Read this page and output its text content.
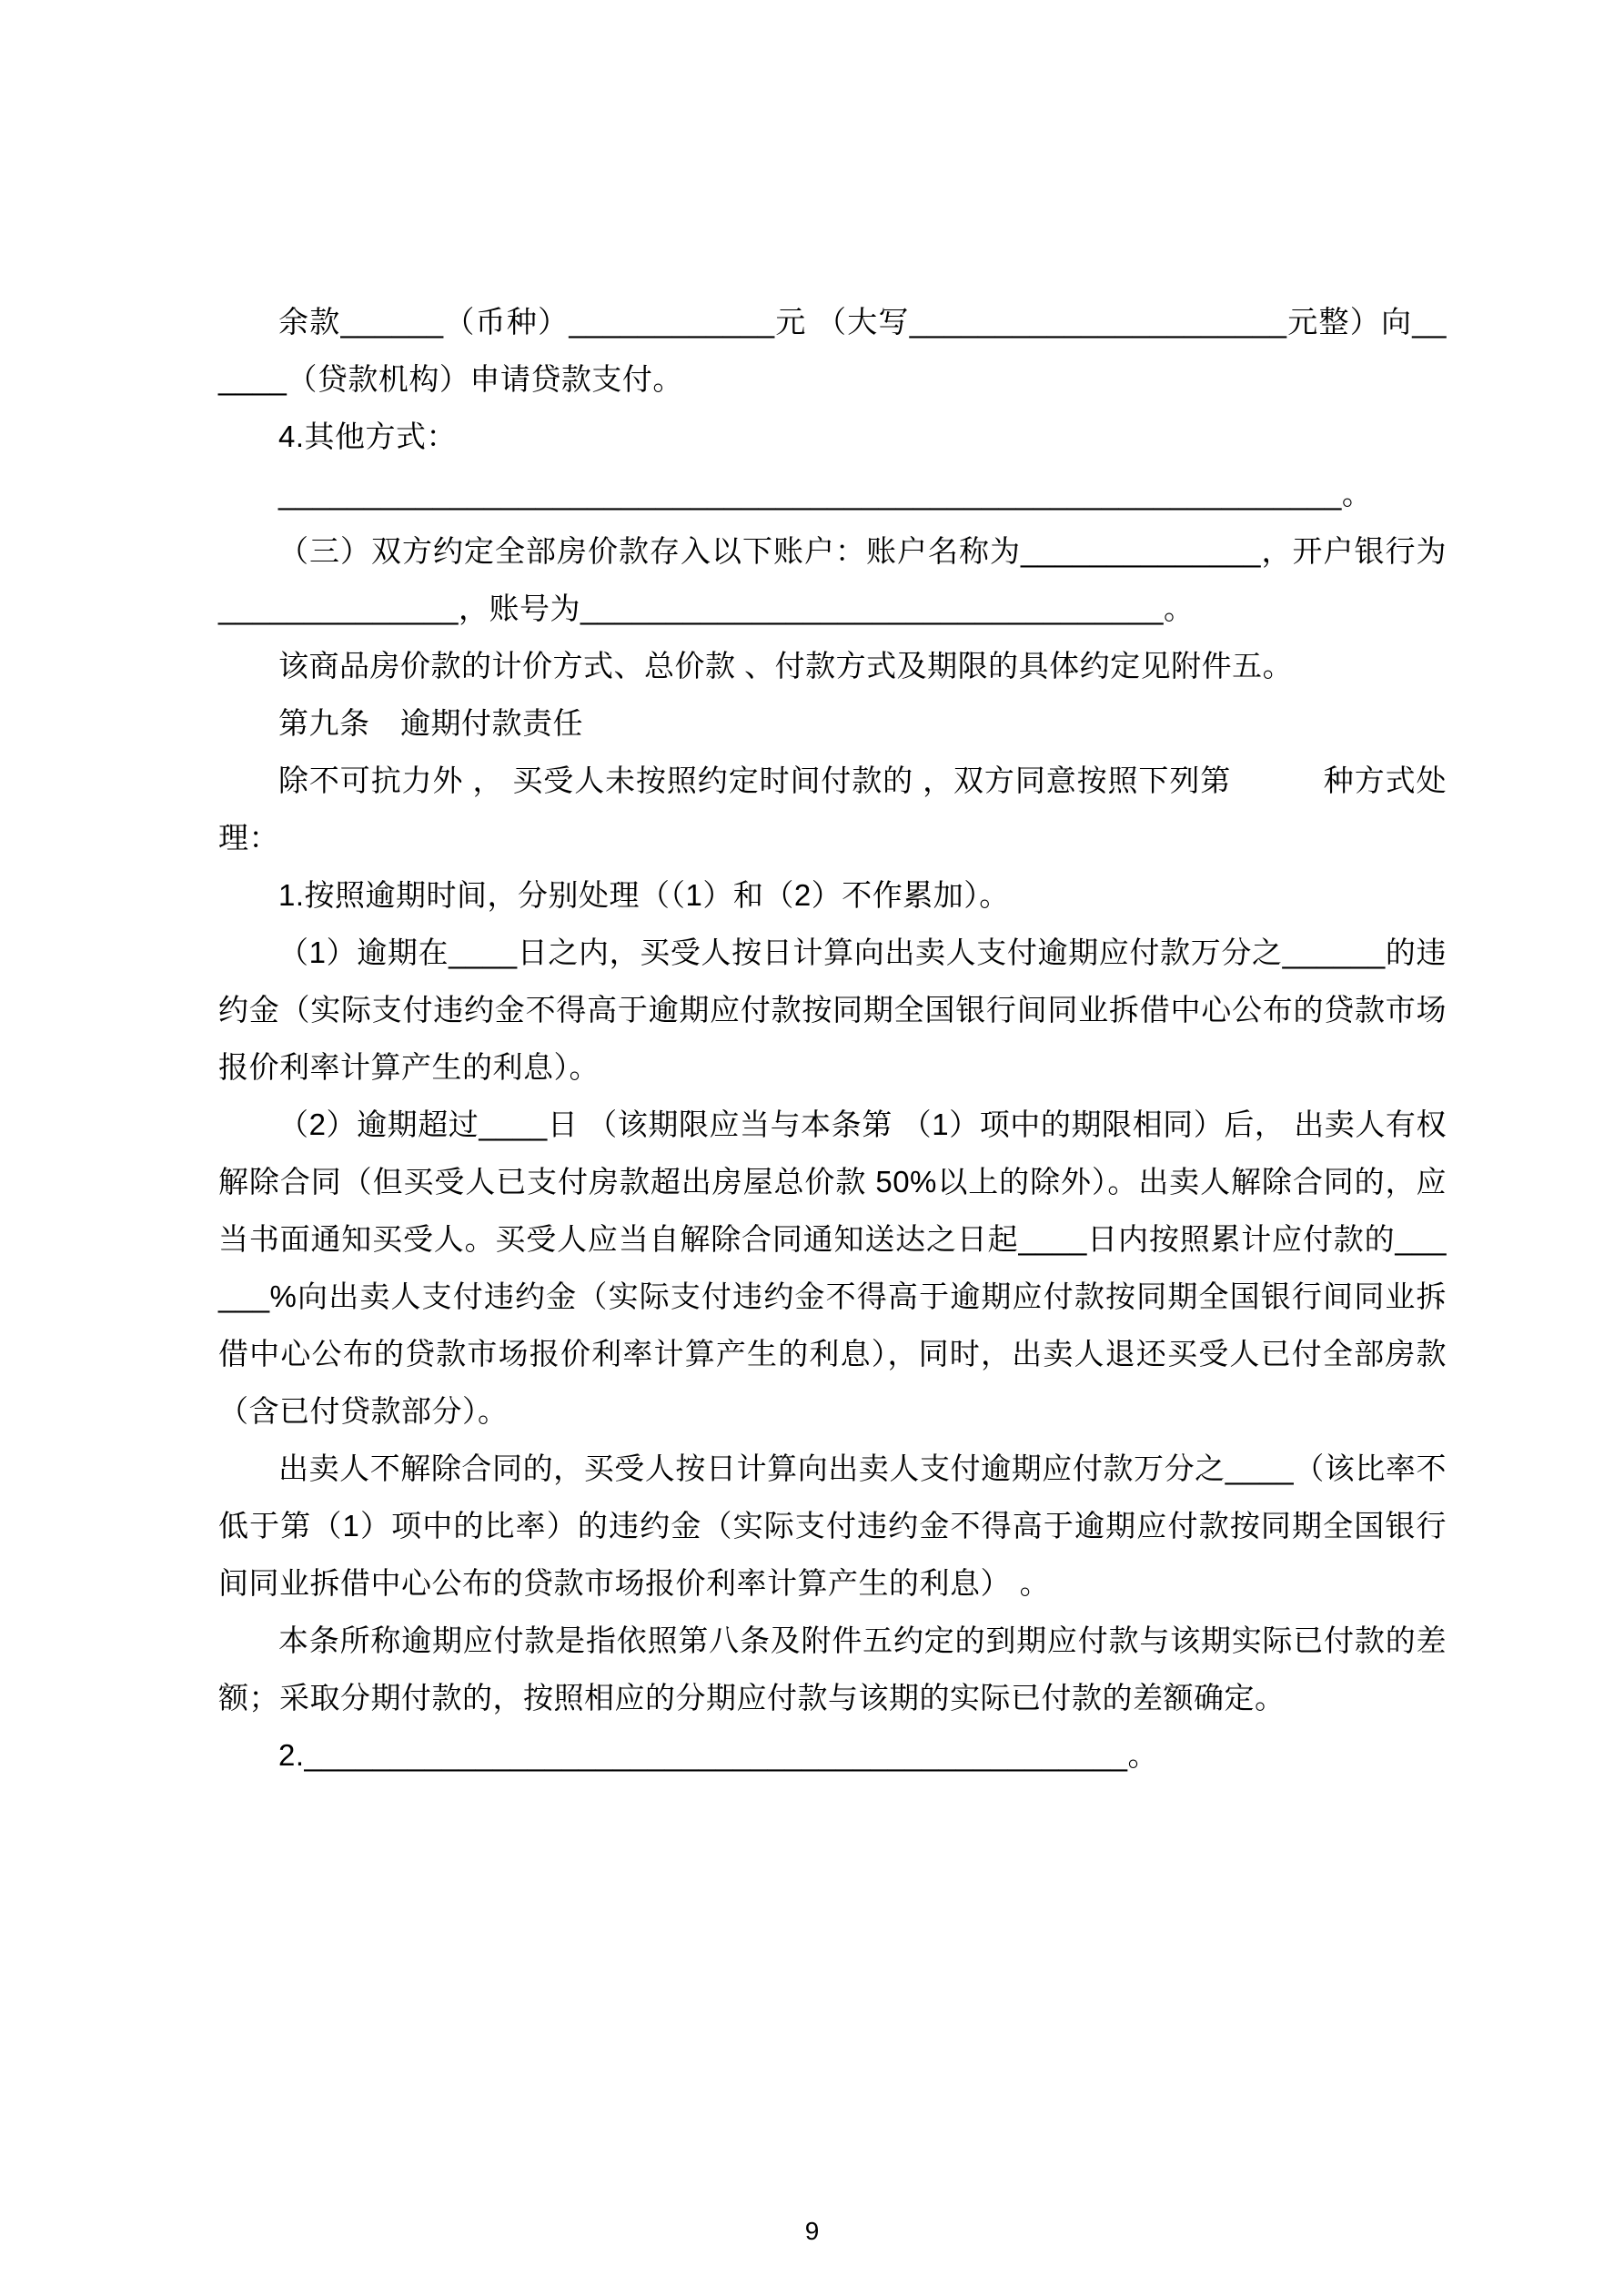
余款______（币种）____________元 （大写______________________元整）向______（贷款机构）申请贷款支付。

4.其他方式：

______________________________________________________________。

（三）双方约定全部房价款存入以下账户：账户名称为______________，开户银行为______________，账号为__________________________________。

该商品房价款的计价方式、总价款 、付款方式及期限的具体约定见附件五。

第九条　逾期付款责任

除不可抗力外 ， 买受人未按照约定时间付款的 ，双方同意按照下列第　　　种方式处理：

1.按照逾期时间，分别处理（（1）和（2）不作累加）。

（1）逾期在____日之内，买受人按日计算向出卖人支付逾期应付款万分之______的违约金（实际支付违约金不得高于逾期应付款按同期全国银行间同业拆借中心公布的贷款市场报价利率计算产生的利息）。

（2）逾期超过____日 （该期限应当与本条第 （1）项中的期限相同）后， 出卖人有权解除合同（但买受人已支付房款超出房屋总价款 50%以上的除外）。出卖人解除合同的，应当书面通知买受人。买受人应当自解除合同通知送达之日起____日内按照累计应付款的______%向出卖人支付违约金（实际支付违约金不得高于逾期应付款按同期全国银行间同业拆借中心公布的贷款市场报价利率计算产生的利息），同时，出卖人退还买受人已付全部房款（含已付贷款部分）。

出卖人不解除合同的，买受人按日计算向出卖人支付逾期应付款万分之____（该比率不低于第（1）项中的比率）的违约金（实际支付违约金不得高于逾期应付款按同期全国银行间同业拆借中心公布的贷款市场报价利率计算产生的利息） 。

本条所称逾期应付款是指依照第八条及附件五约定的到期应付款与该期实际已付款的差额；采取分期付款的，按照相应的分期应付款与该期的实际已付款的差额确定。

2.________________________________________________。

9
